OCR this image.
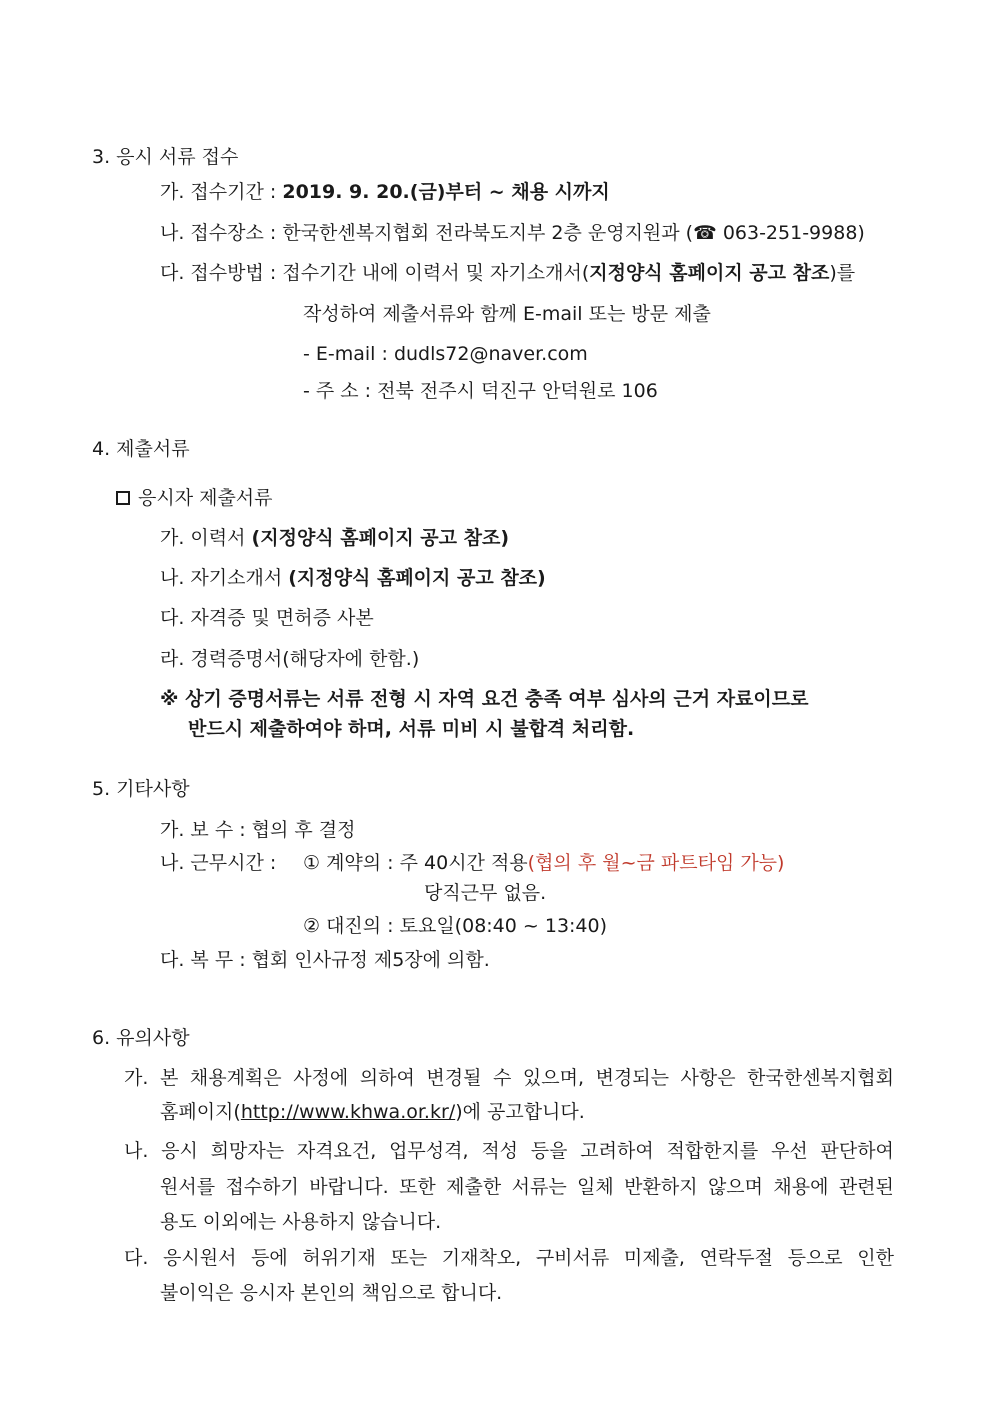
3. 응시 서류 접수
가. 접수기간 : 2019. 9. 20.(금)부터 ~ 채용 시까지
나. 접수장소 : 한국한센복지협회 전라북도지부 2층 운영지원과 (☎ 063-251-9988)
다. 접수방법 : 접수기간 내에 이력서 및 자기소개서(지정양식 홈페이지 공고 참조)를
작성하여 제출서류와 함께 E-mail 또는 방문 제출
- E-mail : dudls72@naver.com
- 주 소 : 전북 전주시 덕진구 안덕원로 106
4. 제출서류
응시자 제출서류
가. 이력서 (지정양식 홈페이지 공고 참조)
나. 자기소개서 (지정양식 홈페이지 공고 참조)
다. 자격증 및 면허증 사본
라. 경력증명서(해당자에 한함.)
※ 상기 증명서류는 서류 전형 시 자역 요건 충족 여부 심사의 근거 자료이므로
반드시 제출하여야 하며, 서류 미비 시 불합격 처리함.
5. 기타사항
가. 보 수 : 협의 후 결정
나. 근무시간 : ① 계약의 : 주 40시간 적용(협의 후 월~금 파트타임 가능)
당직근무 없음.
② 대진의 : 토요일(08:40 ~ 13:40)
다. 복 무 : 협회 인사규정 제5장에 의함.
6. 유의사항
가. 본 채용계획은 사정에 의하여 변경될 수 있으며, 변경되는 사항은 한국한센복지협회
홈페이지(http://www.khwa.or.kr/)에 공고합니다.
나. 응시 희망자는 자격요건, 업무성격, 적성 등을 고려하여 적합한지를 우선 판단하여
원서를 접수하기 바랍니다. 또한 제출한 서류는 일체 반환하지 않으며 채용에 관련된
용도 이외에는 사용하지 않습니다.
다. 응시원서 등에 허위기재 또는 기재착오, 구비서류 미제출, 연락두절 등으로 인한
불이익은 응시자 본인의 책임으로 합니다.
